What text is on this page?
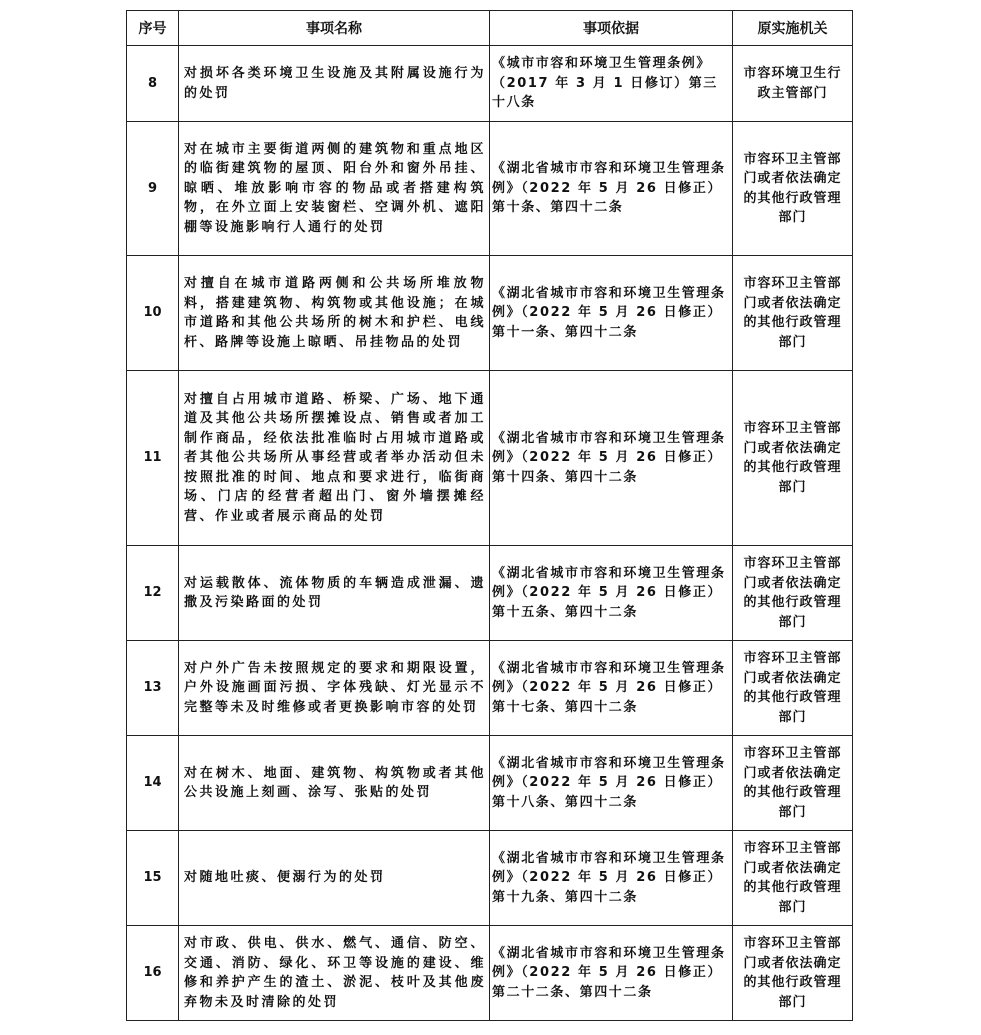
序号	事项名称	事项依据	原实施机关
8	对损坏各类环境卫生设施及其附属设施行为的处罚	《城市市容和环境卫生管理条例》（2017 年 3 月 1 日修订）第三十八条	市容环境卫生行政主管部门
9	对在城市主要街道两侧的建筑物和重点地区的临街建筑物的屋顶、阳台外和窗外吊挂、晾晒、堆放影响市容的物品或者搭建构筑物，在外立面上安装窗栏、空调外机、遮阳棚等设施影响行人通行的处罚	《湖北省城市市容和环境卫生管理条例》（2022 年 5 月 26 日修正）第十条、第四十二条	市容环卫主管部门或者依法确定的其他行政管理部门
10	对擅自在城市道路两侧和公共场所堆放物料，搭建建筑物、构筑物或其他设施；在城市道路和其他公共场所的树木和护栏、电线杆、路牌等设施上晾晒、吊挂物品的处罚	《湖北省城市市容和环境卫生管理条例》（2022 年 5 月 26 日修正）第十一条、第四十二条	市容环卫主管部门或者依法确定的其他行政管理部门
11	对擅自占用城市道路、桥梁、广场、地下通道及其他公共场所摆摊设点、销售或者加工制作商品，经依法批准临时占用城市道路或者其他公共场所从事经营或者举办活动但未按照批准的时间、地点和要求进行，临街商场、门店的经营者超出门、窗外墙摆摊经营、作业或者展示商品的处罚	《湖北省城市市容和环境卫生管理条例》（2022 年 5 月 26 日修正）第十四条、第四十二条	市容环卫主管部门或者依法确定的其他行政管理部门
12	对运载散体、流体物质的车辆造成泄漏、遗撒及污染路面的处罚	《湖北省城市市容和环境卫生管理条例》（2022 年 5 月 26 日修正）第十五条、第四十二条	市容环卫主管部门或者依法确定的其他行政管理部门
13	对户外广告未按照规定的要求和期限设置，户外设施画面污损、字体残缺、灯光显示不完整等未及时维修或者更换影响市容的处罚	《湖北省城市市容和环境卫生管理条例》（2022 年 5 月 26 日修正）第十七条、第四十二条	市容环卫主管部门或者依法确定的其他行政管理部门
14	对在树木、地面、建筑物、构筑物或者其他公共设施上刻画、涂写、张贴的处罚	《湖北省城市市容和环境卫生管理条例》（2022 年 5 月 26 日修正）第十八条、第四十二条	市容环卫主管部门或者依法确定的其他行政管理部门
15	对随地吐痰、便溺行为的处罚	《湖北省城市市容和环境卫生管理条例》（2022 年 5 月 26 日修正）第十九条、第四十二条	市容环卫主管部门或者依法确定的其他行政管理部门
16	对市政、供电、供水、燃气、通信、防空、交通、消防、绿化、环卫等设施的建设、维修和养护产生的渣土、淤泥、枝叶及其他废弃物未及时清除的处罚	《湖北省城市市容和环境卫生管理条例》（2022 年 5 月 26 日修正）第二十二条、第四十二条	市容环卫主管部门或者依法确定的其他行政管理部门
